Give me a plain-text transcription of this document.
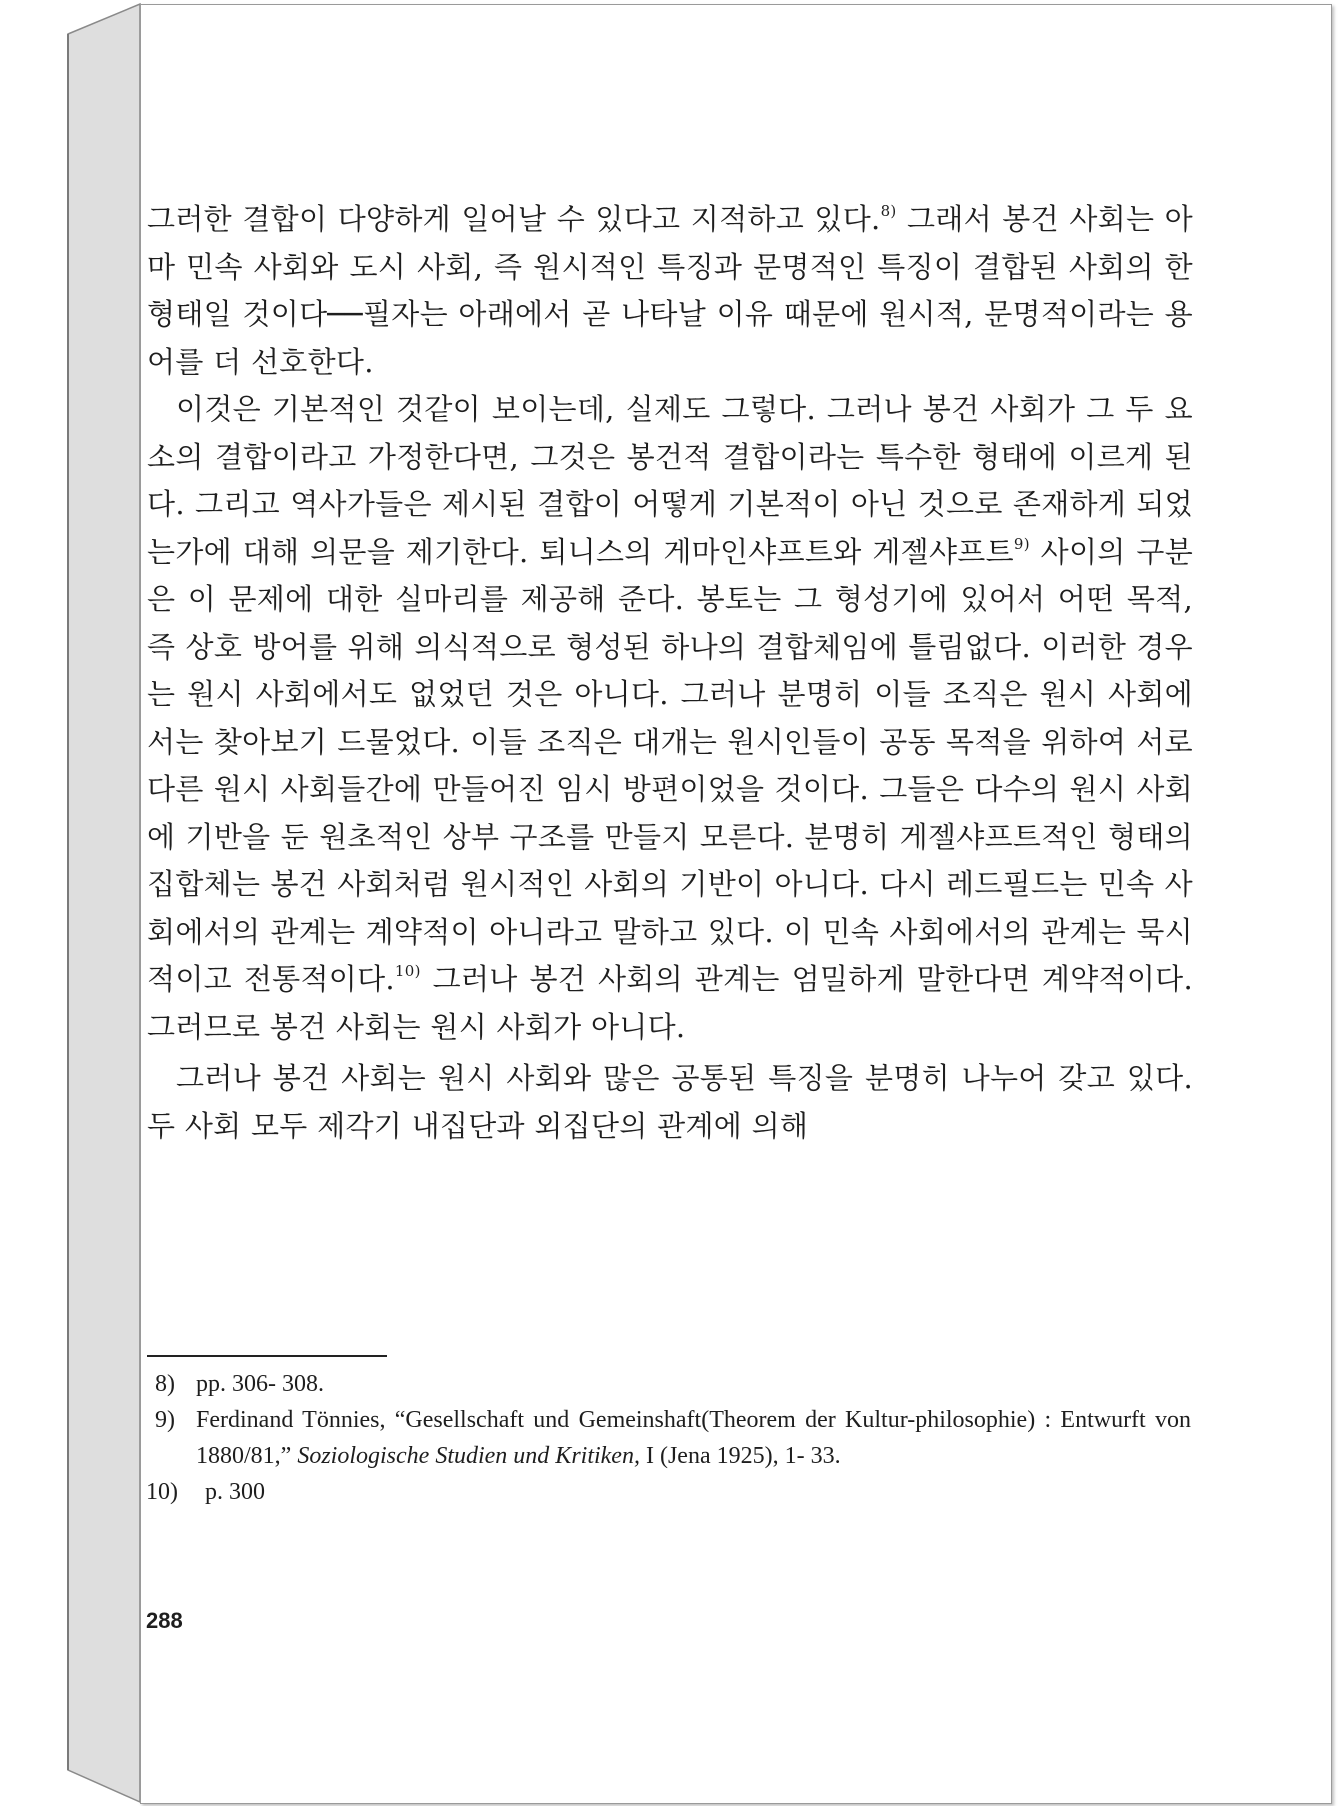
그러한 결합이 다양하게 일어날 수 있다고 지적하고 있다.$^{8)}$ 그래서 봉건 사회는 아마 민속 사회와 도시 사회, 즉 원시적인 특징과 문명적인 특징이 결합된 사회의 한 형태일 것이다──필자는 아래에서 곧 나타날 이유 때문에 원시적, 문명적이라는 용어를 더 선호한다.

이것은 기본적인 것같이 보이는데, 실제도 그렇다. 그러나 봉건 사회가 그 두 요소의 결합이라고 가정한다면, 그것은 봉건적 결합이라는 특수한 형태에 이르게 된다. 그리고 역사가들은 제시된 결합이 어떻게 기본적이 아닌 것으로 존재하게 되었는가에 대해 의문을 제기한다. 퇴니스의 게마인샤프트와 게젤샤프트$^{9)}$ 사이의 구분은 이 문제에 대한 실마리를 제공해 준다. 봉토는 그 형성기에 있어서 어떤 목적, 즉 상호 방어를 위해 의식적으로 형성된 하나의 결합체임에 틀림없다. 이러한 경우는 원시 사회에서도 없었던 것은 아니다. 그러나 분명히 이들 조직은 원시 사회에서는 찾아보기 드물었다. 이들 조직은 대개는 원시인들이 공동 목적을 위하여 서로 다른 원시 사회들간에 만들어진 임시 방편이었을 것이다. 그들은 다수의 원시 사회에 기반을 둔 원초적인 상부 구조를 만들지 모른다. 분명히 게젤샤프트적인 형태의 집합체는 봉건 사회처럼 원시적인 사회의 기반이 아니다. 다시 레드필드는 민속 사회에서의 관계는 계약적이 아니라고 말하고 있다. 이 민속 사회에서의 관계는 묵시적이고 전통적이다.$^{10)}$ 그러나 봉건 사회의 관계는 엄밀하게 말한다면 계약적이다. 그러므로 봉건 사회는 원시 사회가 아니다.

그러나 봉건 사회는 원시 사회와 많은 공통된 특징을 분명히 나누어 갖고 있다. 두 사회 모두 제각기 내집단과 외집단의 관계에 의해

8) pp. 306- 308.
9) Ferdinand Tönnies, “Gesellschaft und Gemeinshaft(Theorem der Kultur-philosophie) : Entwurft von 1880/81,” Soziologische Studien und Kritiken, I (Jena 1925), 1- 33.
10) p. 300
288
